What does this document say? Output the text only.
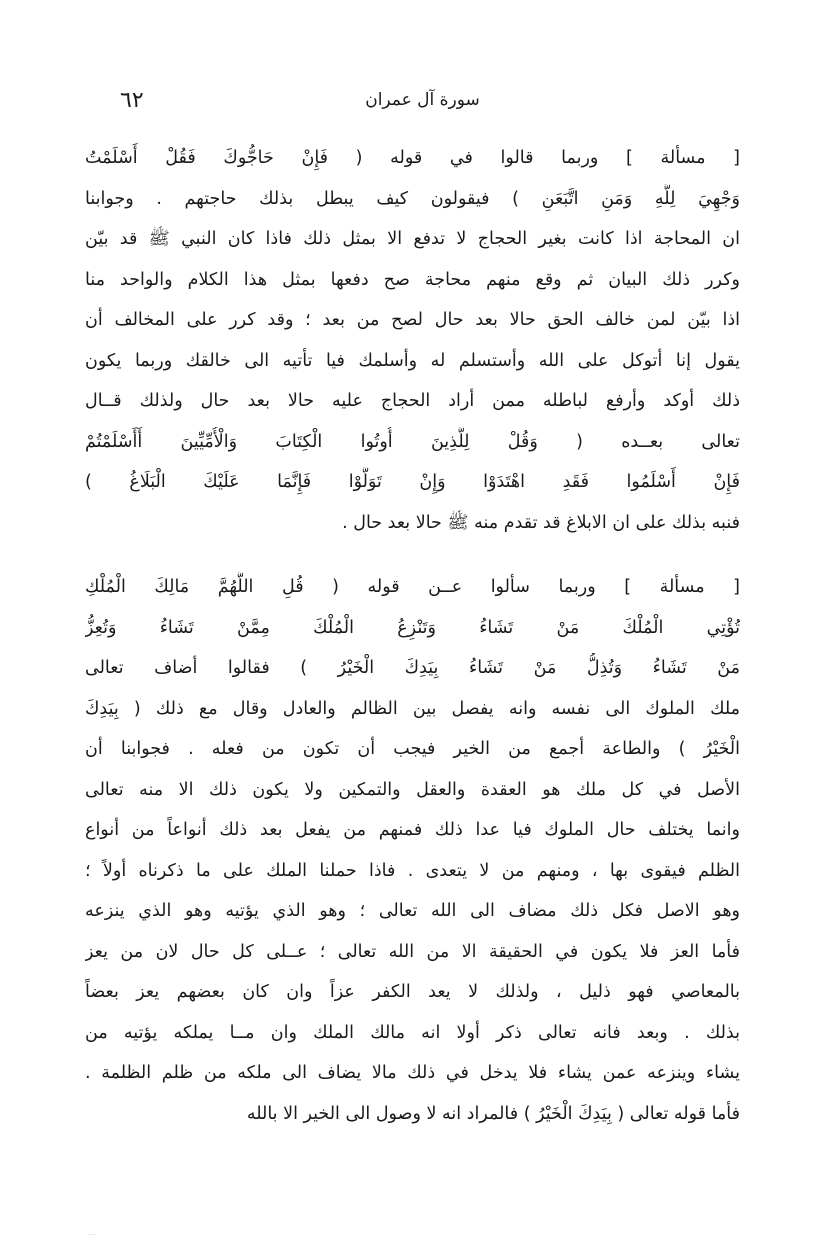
٦٢	سورة آل عمران
[ مسألة ] وربما قالوا في قوله ( فَإِنْ حَاجُّوكَ فَقُلْ أَسْلَمْتُ
وَجْهِيَ لِلَّهِ وَمَنِ اتَّبَعَنِ ) فيقولون كيف يبطل بذلك حاجتهم . وجوابنا
ان المحاجة اذا كانت بغير الحجاج لا تدفع الا بمثل ذلك فاذا كان النبي ﷺ قد بيّن
وكرر ذلك البيان ثم وقع منهم محاجة صح دفعها بمثل هذا الكلام والواحد منا
اذا بيّن لمن خالف الحق حالا بعد حال لصح من بعد ؛ وقد كرر على المخالف أن
يقول إنا أتوكل على الله وأستسلم له وأسلمك فيا تأتيه الى خالقك وربما يكون
ذلك أوكد وأرفع لباطله ممن أراد الحجاج عليه حالا بعد حال ولذلك قــال
تعالى بعــده ( وَقُلْ لِلَّذِينَ أُوتُوا الْكِتَابَ وَالْأُمِّيِّينَ أَأَسْلَمْتُمْ
فَإِنْ أَسْلَمُوا فَقَدِ اهْتَدَوْا وَإِنْ تَوَلَّوْا فَإِنَّمَا عَلَيْكَ الْبَلَاغُ )
فنبه بذلك على ان الابلاغ قد تقدم منه ﷺ حالا بعد حال .
[ مسألة ] وربما سألوا عــن قوله ( قُلِ اللَّهُمَّ مَالِكَ الْمُلْكِ
تُؤْتِي الْمُلْكَ مَنْ تَشَاءُ وَتَنْزِعُ الْمُلْكَ مِمَّنْ تَشَاءُ وَتُعِزُّ
مَنْ تَشَاءُ وَتُذِلُّ مَنْ تَشَاءُ بِيَدِكَ الْخَيْرُ ) فقالوا أضاف تعالى
ملك الملوك الى نفسه وانه يفصل بين الظالم والعادل وقال مع ذلك ( بِيَدِكَ
الْخَيْرُ ) والطاعة أجمع من الخير فيجب أن تكون من فعله . فجوابنا أن
الأصل في كل ملك هو العقدة والعقل والتمكين ولا يكون ذلك الا منه تعالى
وانما يختلف حال الملوك فيا عدا ذلك فمنهم من يفعل بعد ذلك أنواعاً من أنواع
الظلم فيقوى بها ، ومنهم من لا يتعدى . فاذا حملنا الملك على ما ذكرناه أولاً ؛
وهو الاصل فكل ذلك مضاف الى الله تعالى ؛ وهو الذي يؤتيه وهو الذي ينزعه
فأما العز فلا يكون في الحقيقة الا من الله تعالى ؛ عــلى كل حال لان من يعز
بالمعاصي فهو ذليل ، ولذلك لا يعد الكفر عزاً وان كان بعضهم يعز بعضاً
بذلك . وبعد فانه تعالى ذكر أولا انه مالك الملك وان مــا يملكه يؤتيه من
يشاء وينزعه عمن يشاء فلا يدخل في ذلك مالا يضاف الى ملكه من ظلم الظلمة .
فأما قوله تعالى ( بِيَدِكَ الْخَيْرُ ) فالمراد انه لا وصول الى الخير الا بالله
...
